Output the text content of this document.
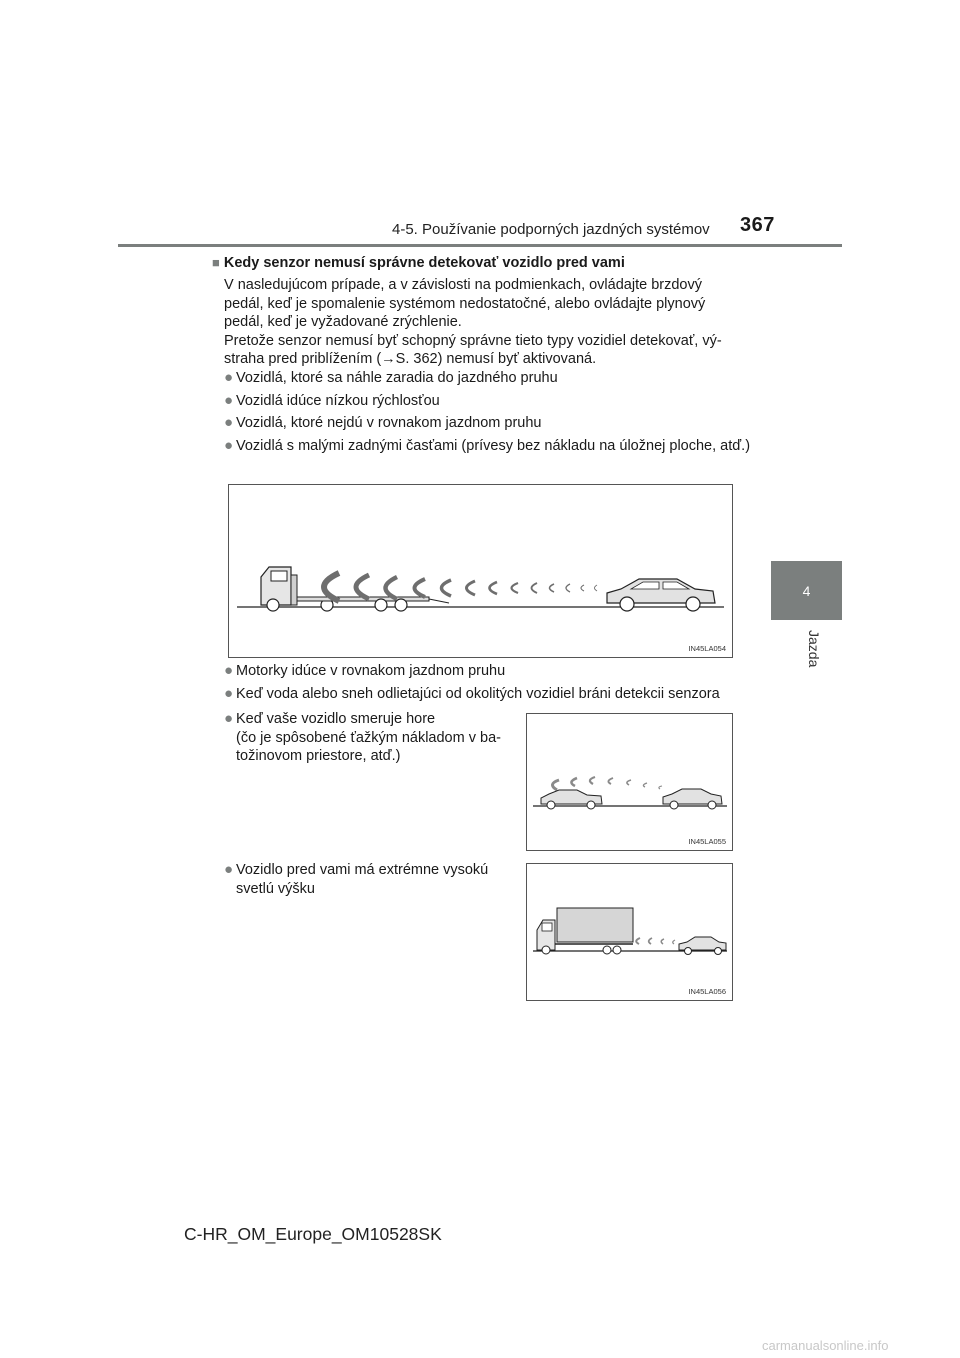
4-5. Používanie podporných jazdných systémov 367
4
Jazda
■ Kedy senzor nemusí správne detekovať vozidlo pred vami
V nasledujúcom prípade, a v závislosti na podmienkach, ovládajte brzdový
pedál, keď je spomalenie systémom nedostatočné, alebo ovládajte plynový
pedál, keď je vyžadované zrýchlenie.
Pretože senzor nemusí byť schopný správne tieto typy vozidiel detekovať, vý-
straha pred priblížením (→S. 362) nemusí byť aktivovaná.

● Vozidlá, ktoré sa náhle zaradia do jazdného pruhu

● Vozidlá idúce nízkou rýchlosťou

● Vozidlá, ktoré nejdú v rovnakom jazdnom pruhu

● Vozidlá s malými zadnými časťami (prívesy bez nákladu na úložnej ploche, atď.)

IN45LA054

● Motorky idúce v rovnakom jazdnom pruhu

● Keď voda alebo sneh odlietajúci od okolitých vozidiel bráni detekcii senzora

● Keď vaše vozidlo smeruje hore
(čo je spôsobené ťažkým nákladom v ba-
tožinovom priestore, atď.)

IN45LA055

● Vozidlo pred vami má extrémne vysokú
svetlú výšku

IN45LA056
C-HR_OM_Europe_OM10528SK
carmanualsonline.info
